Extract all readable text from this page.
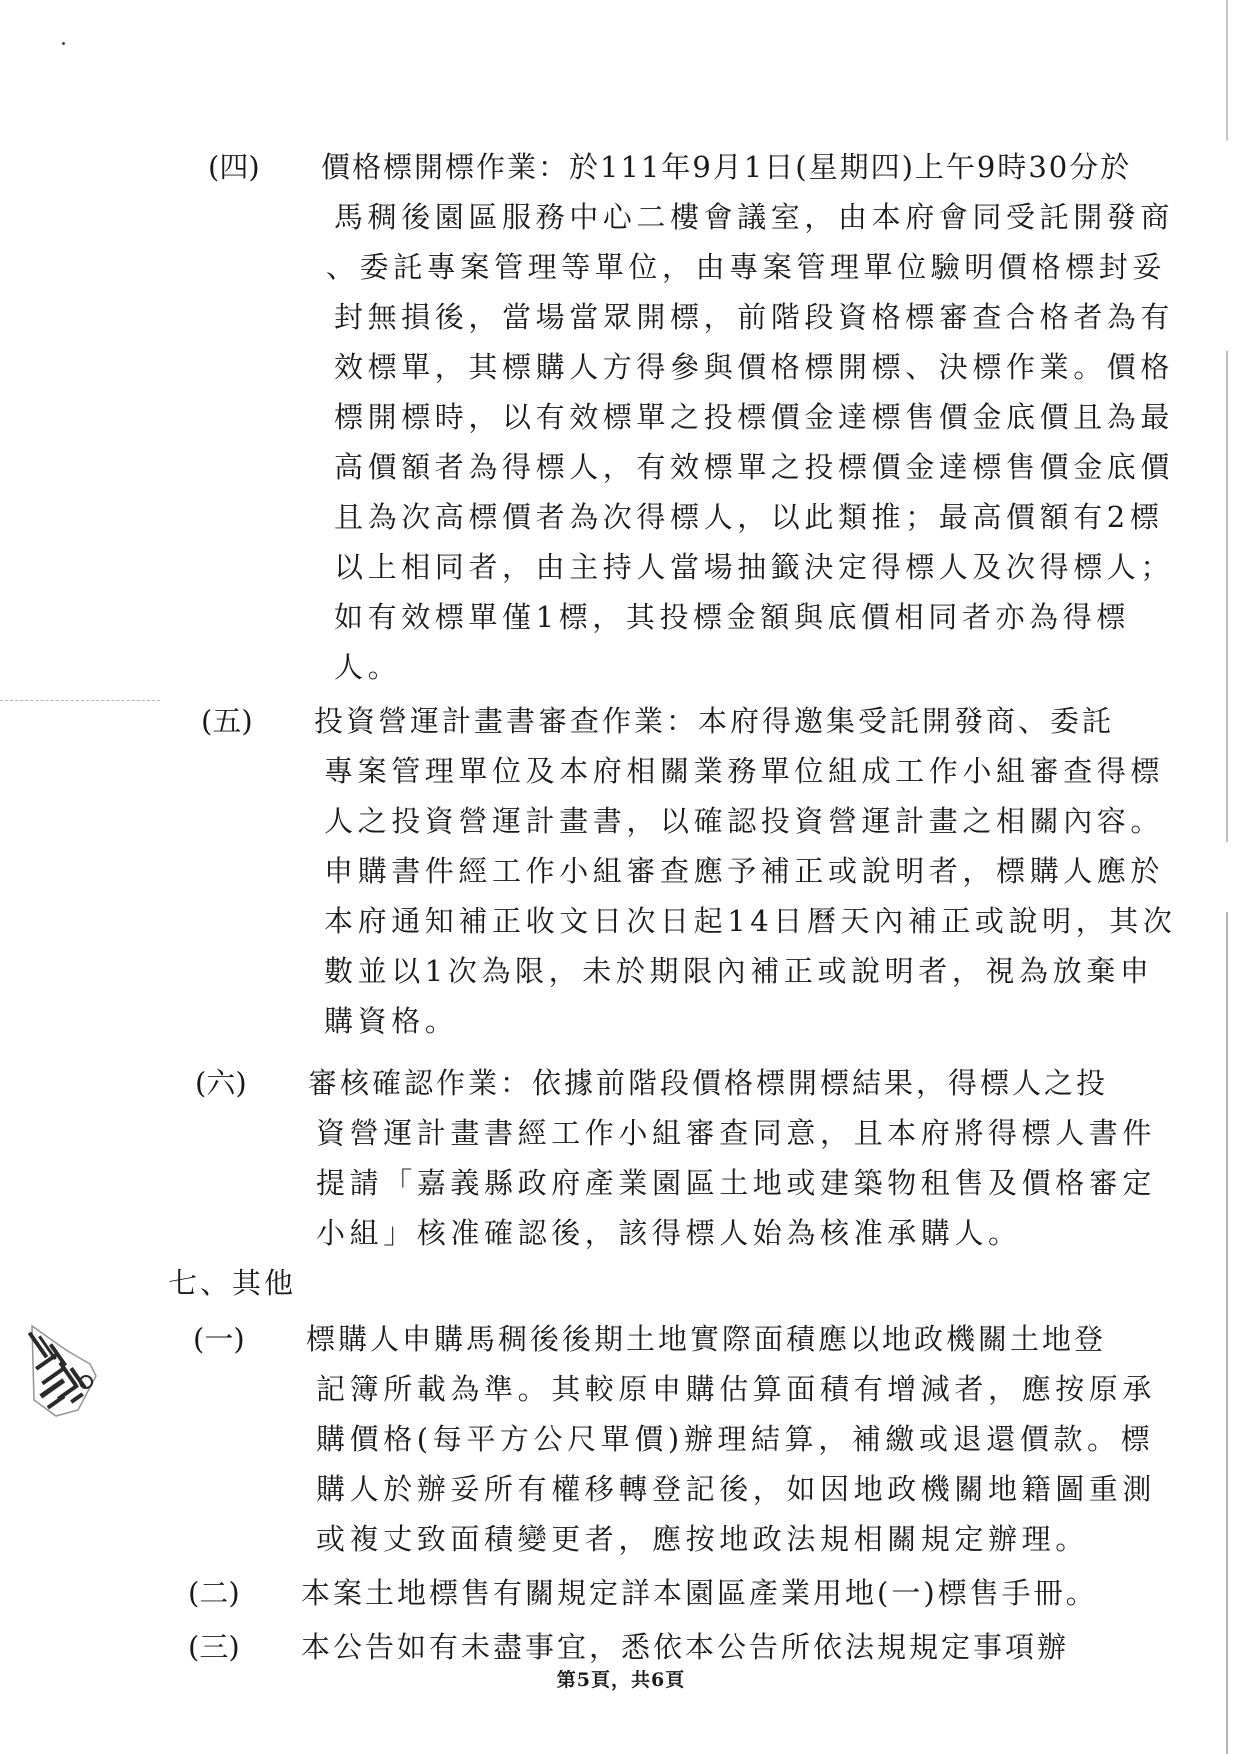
(四) 價格標開標作業：於111年9月1日(星期四)上午9時30分於
馬稠後園區服務中心二樓會議室，由本府會同受託開發商
、委託專案管理等單位，由專案管理單位驗明價格標封妥
封無損後，當場當眾開標，前階段資格標審查合格者為有
效標單，其標購人方得參與價格標開標、決標作業。價格
標開標時，以有效標單之投標價金達標售價金底價且為最
高價額者為得標人，有效標單之投標價金達標售價金底價
且為次高標價者為次得標人，以此類推；最高價額有2標
以上相同者，由主持人當場抽籤決定得標人及次得標人；
如有效標單僅1標，其投標金額與底價相同者亦為得標
人。
(五) 投資營運計畫書審查作業：本府得邀集受託開發商、委託
專案管理單位及本府相關業務單位組成工作小組審查得標
人之投資營運計畫書，以確認投資營運計畫之相關內容。
申購書件經工作小組審查應予補正或說明者，標購人應於
本府通知補正收文日次日起14日曆天內補正或說明，其次
數並以1次為限，未於期限內補正或說明者，視為放棄申
購資格。
(六) 審核確認作業：依據前階段價格標開標結果，得標人之投
資營運計畫書經工作小組審查同意，且本府將得標人書件
提請「嘉義縣政府產業園區土地或建築物租售及價格審定
小組」核准確認後，該得標人始為核准承購人。
七、其他
(一) 標購人申購馬稠後後期土地實際面積應以地政機關土地登
記簿所載為準。其較原申購估算面積有增減者，應按原承
購價格(每平方公尺單價)辦理結算，補繳或退還價款。標
購人於辦妥所有權移轉登記後，如因地政機關地籍圖重測
或複丈致面積變更者，應按地政法規相關規定辦理。
(二) 本案土地標售有關規定詳本園區產業用地(一)標售手冊。
(三) 本公告如有未盡事宜，悉依本公告所依法規規定事項辦
第5頁，共6頁
